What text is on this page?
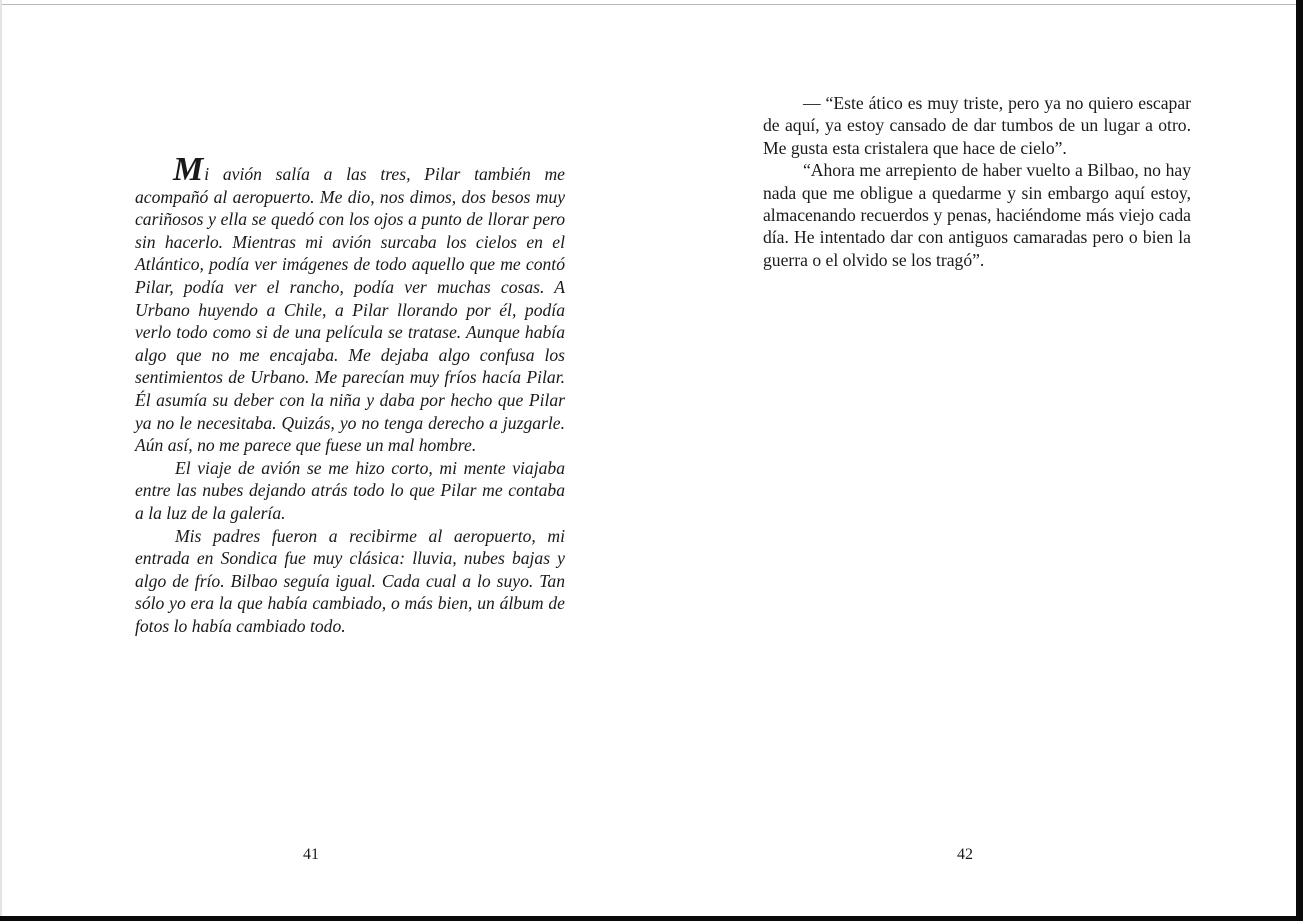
Mi avión salía a las tres, Pilar también me acompañó al aeropuerto. Me dio, nos dimos, dos besos muy cariñosos y ella se quedó con los ojos a punto de llorar pero sin hacerlo. Mientras mi avión surcaba los cielos en el Atlántico, podía ver imágenes de todo aquello que me contó Pilar, podía ver el rancho, podía ver muchas cosas. A Urbano huyendo a Chile, a Pilar llorando por él, podía verlo todo como si de una película se tratase. Aunque había algo que no me encajaba. Me dejaba algo confusa los sentimientos de Urbano. Me parecían muy fríos hacía Pilar. Él asumía su deber con la niña y daba por hecho que Pilar ya no le necesitaba. Quizás, yo no tenga derecho a juzgarle. Aún así, no me parece que fuese un mal hombre.

El viaje de avión se me hizo corto, mi mente viajaba entre las nubes dejando atrás todo lo que Pilar me contaba a la luz de la galería.

Mis padres fueron a recibirme al aeropuerto, mi entrada en Sondica fue muy clásica: lluvia, nubes bajas y algo de frío. Bilbao seguía igual. Cada cual a lo suyo. Tan sólo yo era la que había cambiado, o más bien, un álbum de fotos lo había cambiado todo.

41

— “Este ático es muy triste, pero ya no quiero escapar de aquí, ya estoy cansado de dar tumbos de un lugar a otro. Me gusta esta cristalera que hace de cielo”.

“Ahora me arrepiento de haber vuelto a Bilbao, no hay nada que me obligue a quedarme y sin embargo aquí estoy, almacenando recuerdos y penas, haciéndome más viejo cada día. He intentado dar con antiguos camaradas pero o bien la guerra o el olvido se los tragó”.

42
